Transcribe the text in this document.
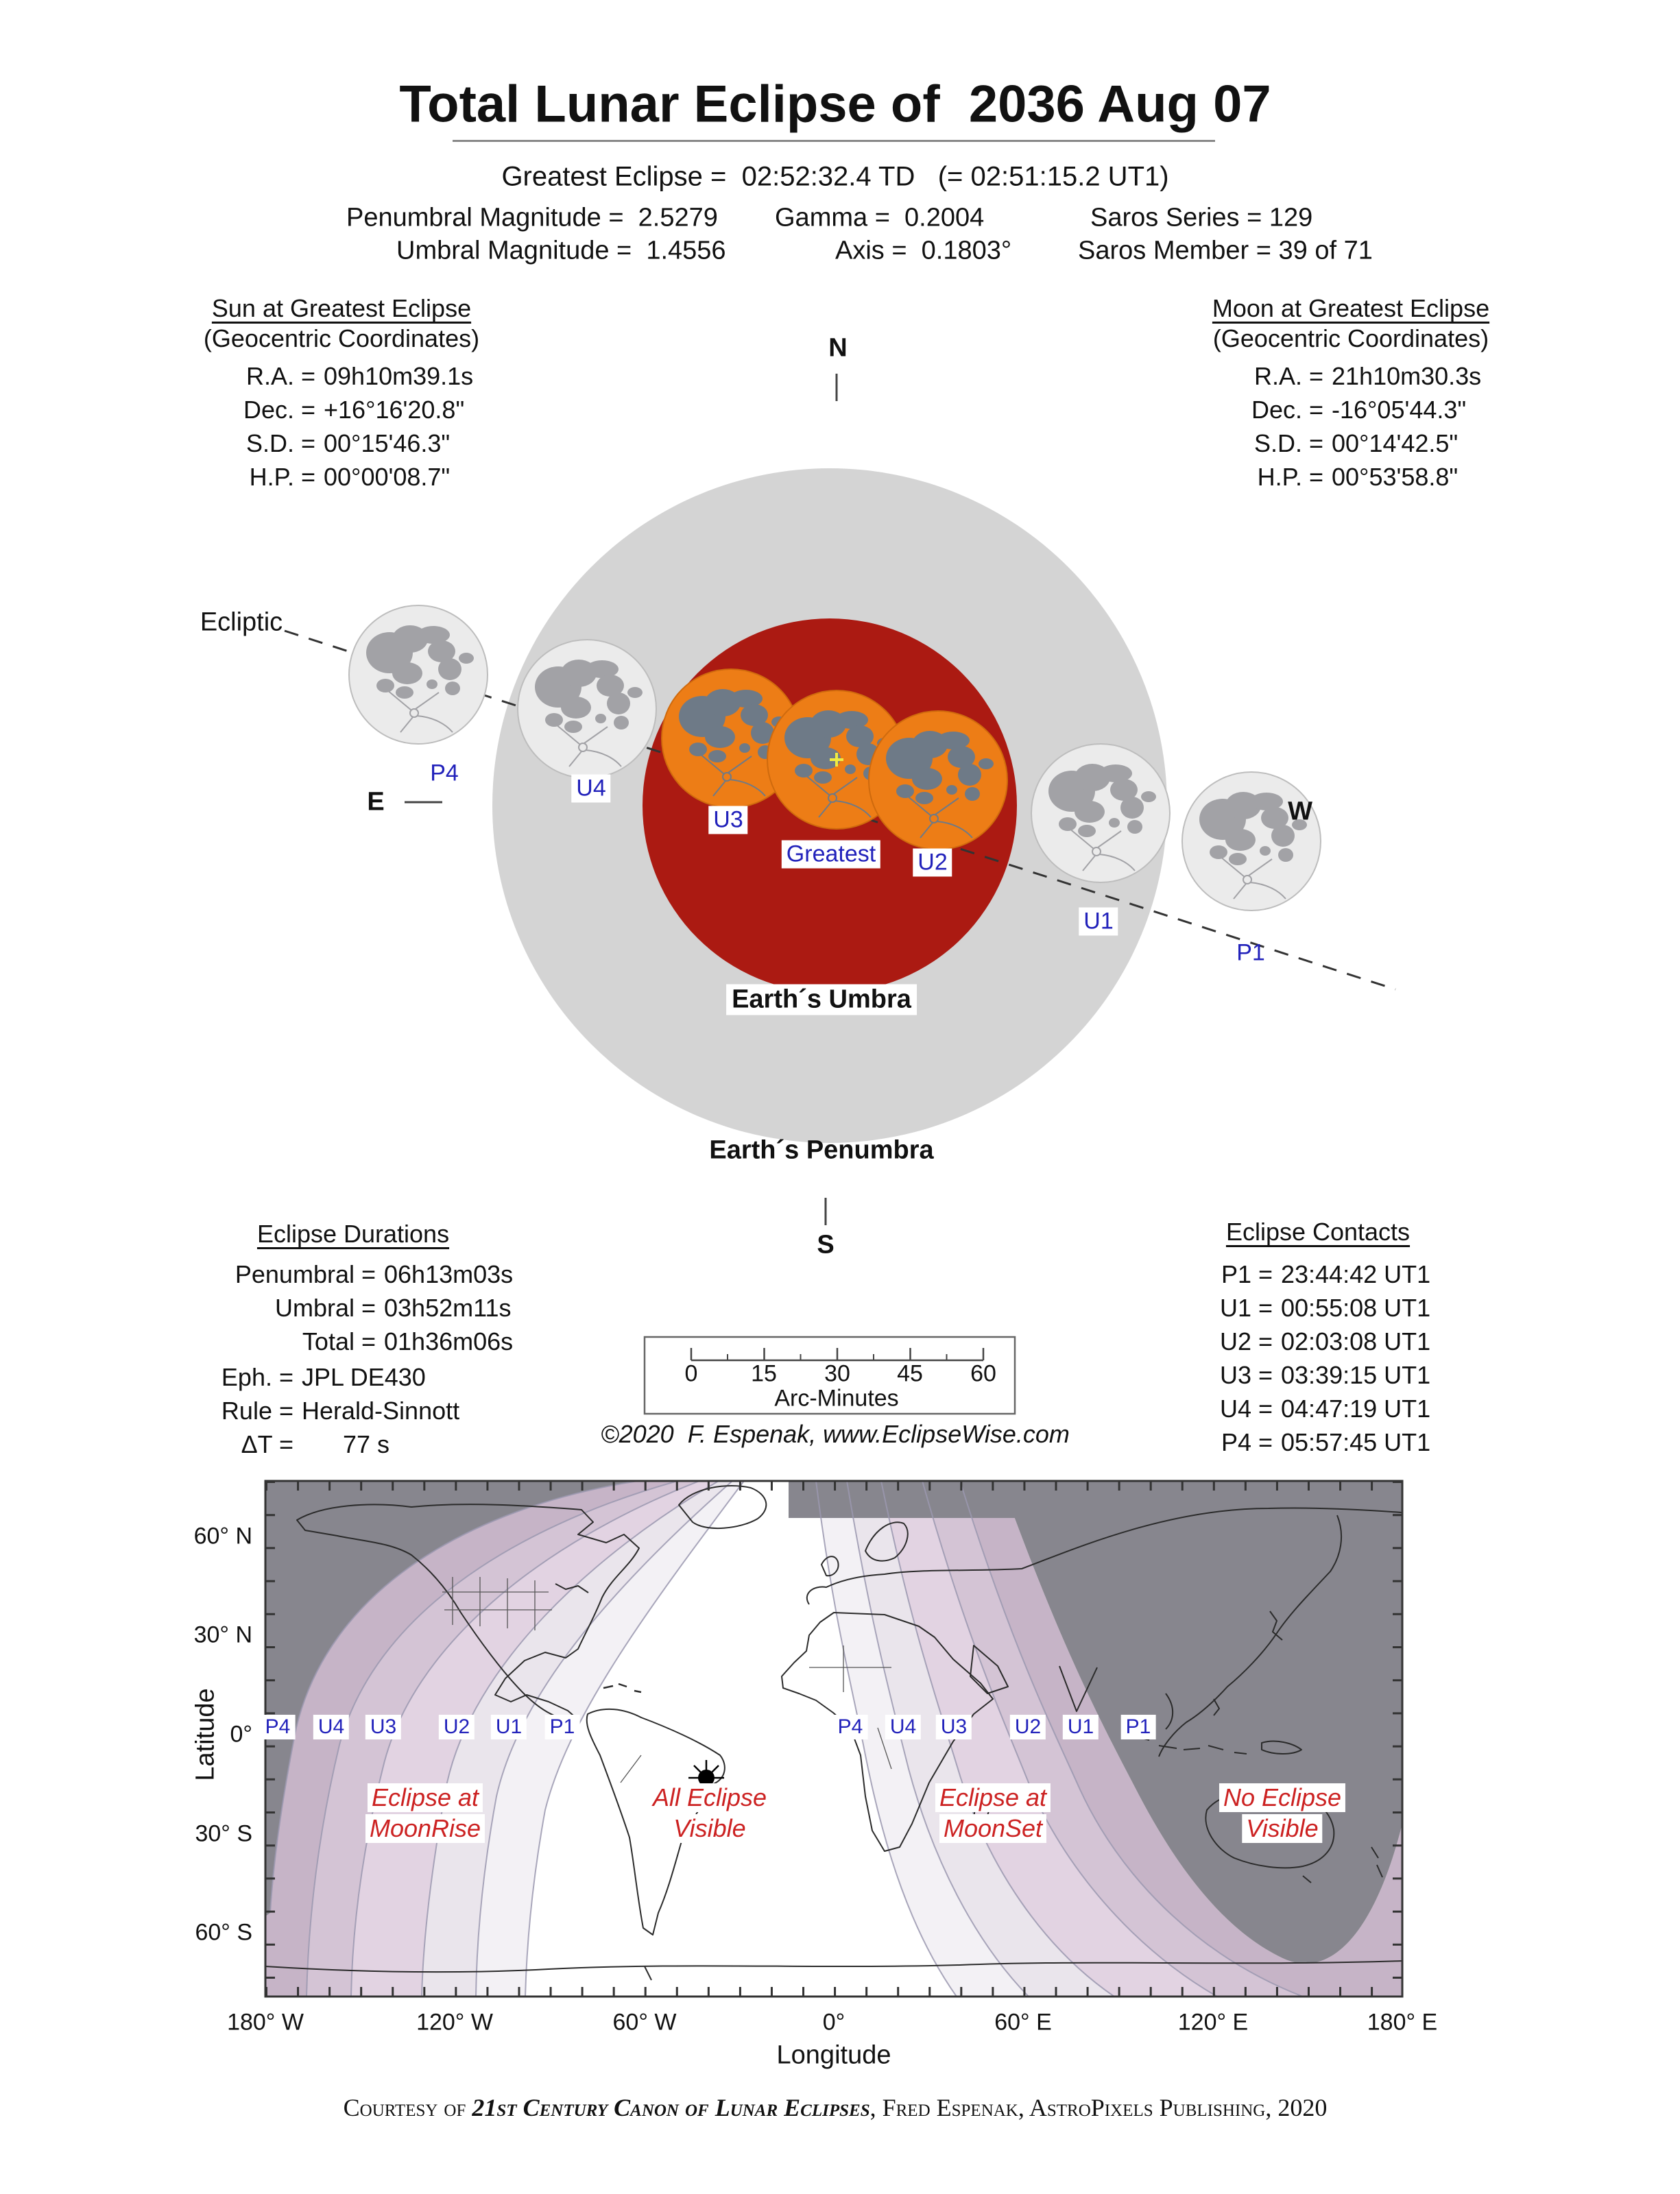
Total Lunar Eclipse of  2036 Aug 07
Greatest Eclipse =  02:52:32.4 TD   (= 02:51:15.2 UT1)
Penumbral Magnitude =  2.5279 Gamma =  0.2004	Saros Series = 129
Umbral Magnitude =  1.4556	Axis =  0.1803°	Saros Member = 39 of 71
Sun at Greatest Eclipse
(Geocentric Coordinates)
R.A. = 09h10m39.1s
Dec. = +16°16'20.8"
S.D. = 00°15'46.3"
H.P. = 00°00'08.7"
Moon at Greatest Eclipse
(Geocentric Coordinates)
R.A. = 21h10m30.3s
Dec. = -16°05'44.3"
S.D. = 00°14'42.5"
H.P. = 00°53'58.8"
Ecliptic
N
S
E	W
P4
U4
U3
Greatest U2
U1
P1
Earth´s Umbra
Earth´s Penumbra
Eclipse Durations
Penumbral = 06h13m03s
Umbral = 03h52m11s
Total = 01h36m06s
Eph. = JPL DE430
Rule = Herald-Sinnott
ΔT =	77 s
Eclipse Contacts
P1 = 23:44:42 UT1
U1 = 00:55:08 UT1
U2 = 02:03:08 UT1
U3 = 03:39:15 UT1
U4 = 04:47:19 UT1
P4 = 05:57:45 UT1
0 15 30 45 60
Arc-Minutes
©2020  F. Espenak, www.EclipseWise.com
Latitude
Longitude
60° N
30° N
0°
30° S
60° S
180° W	120° W	60° W	0°	60° E	120° E	180° E
P4 U4 U3 U2 U1 P1	P4 U4 U3 U2 U1 P1
Eclipse at
MoonRise
All Eclipse
Visible
Eclipse at
MoonSet
No Eclipse
Visible
Courtesy of 21st Century Canon of Lunar Eclipses, Fred Espenak, AstroPixels Publishing, 2020
